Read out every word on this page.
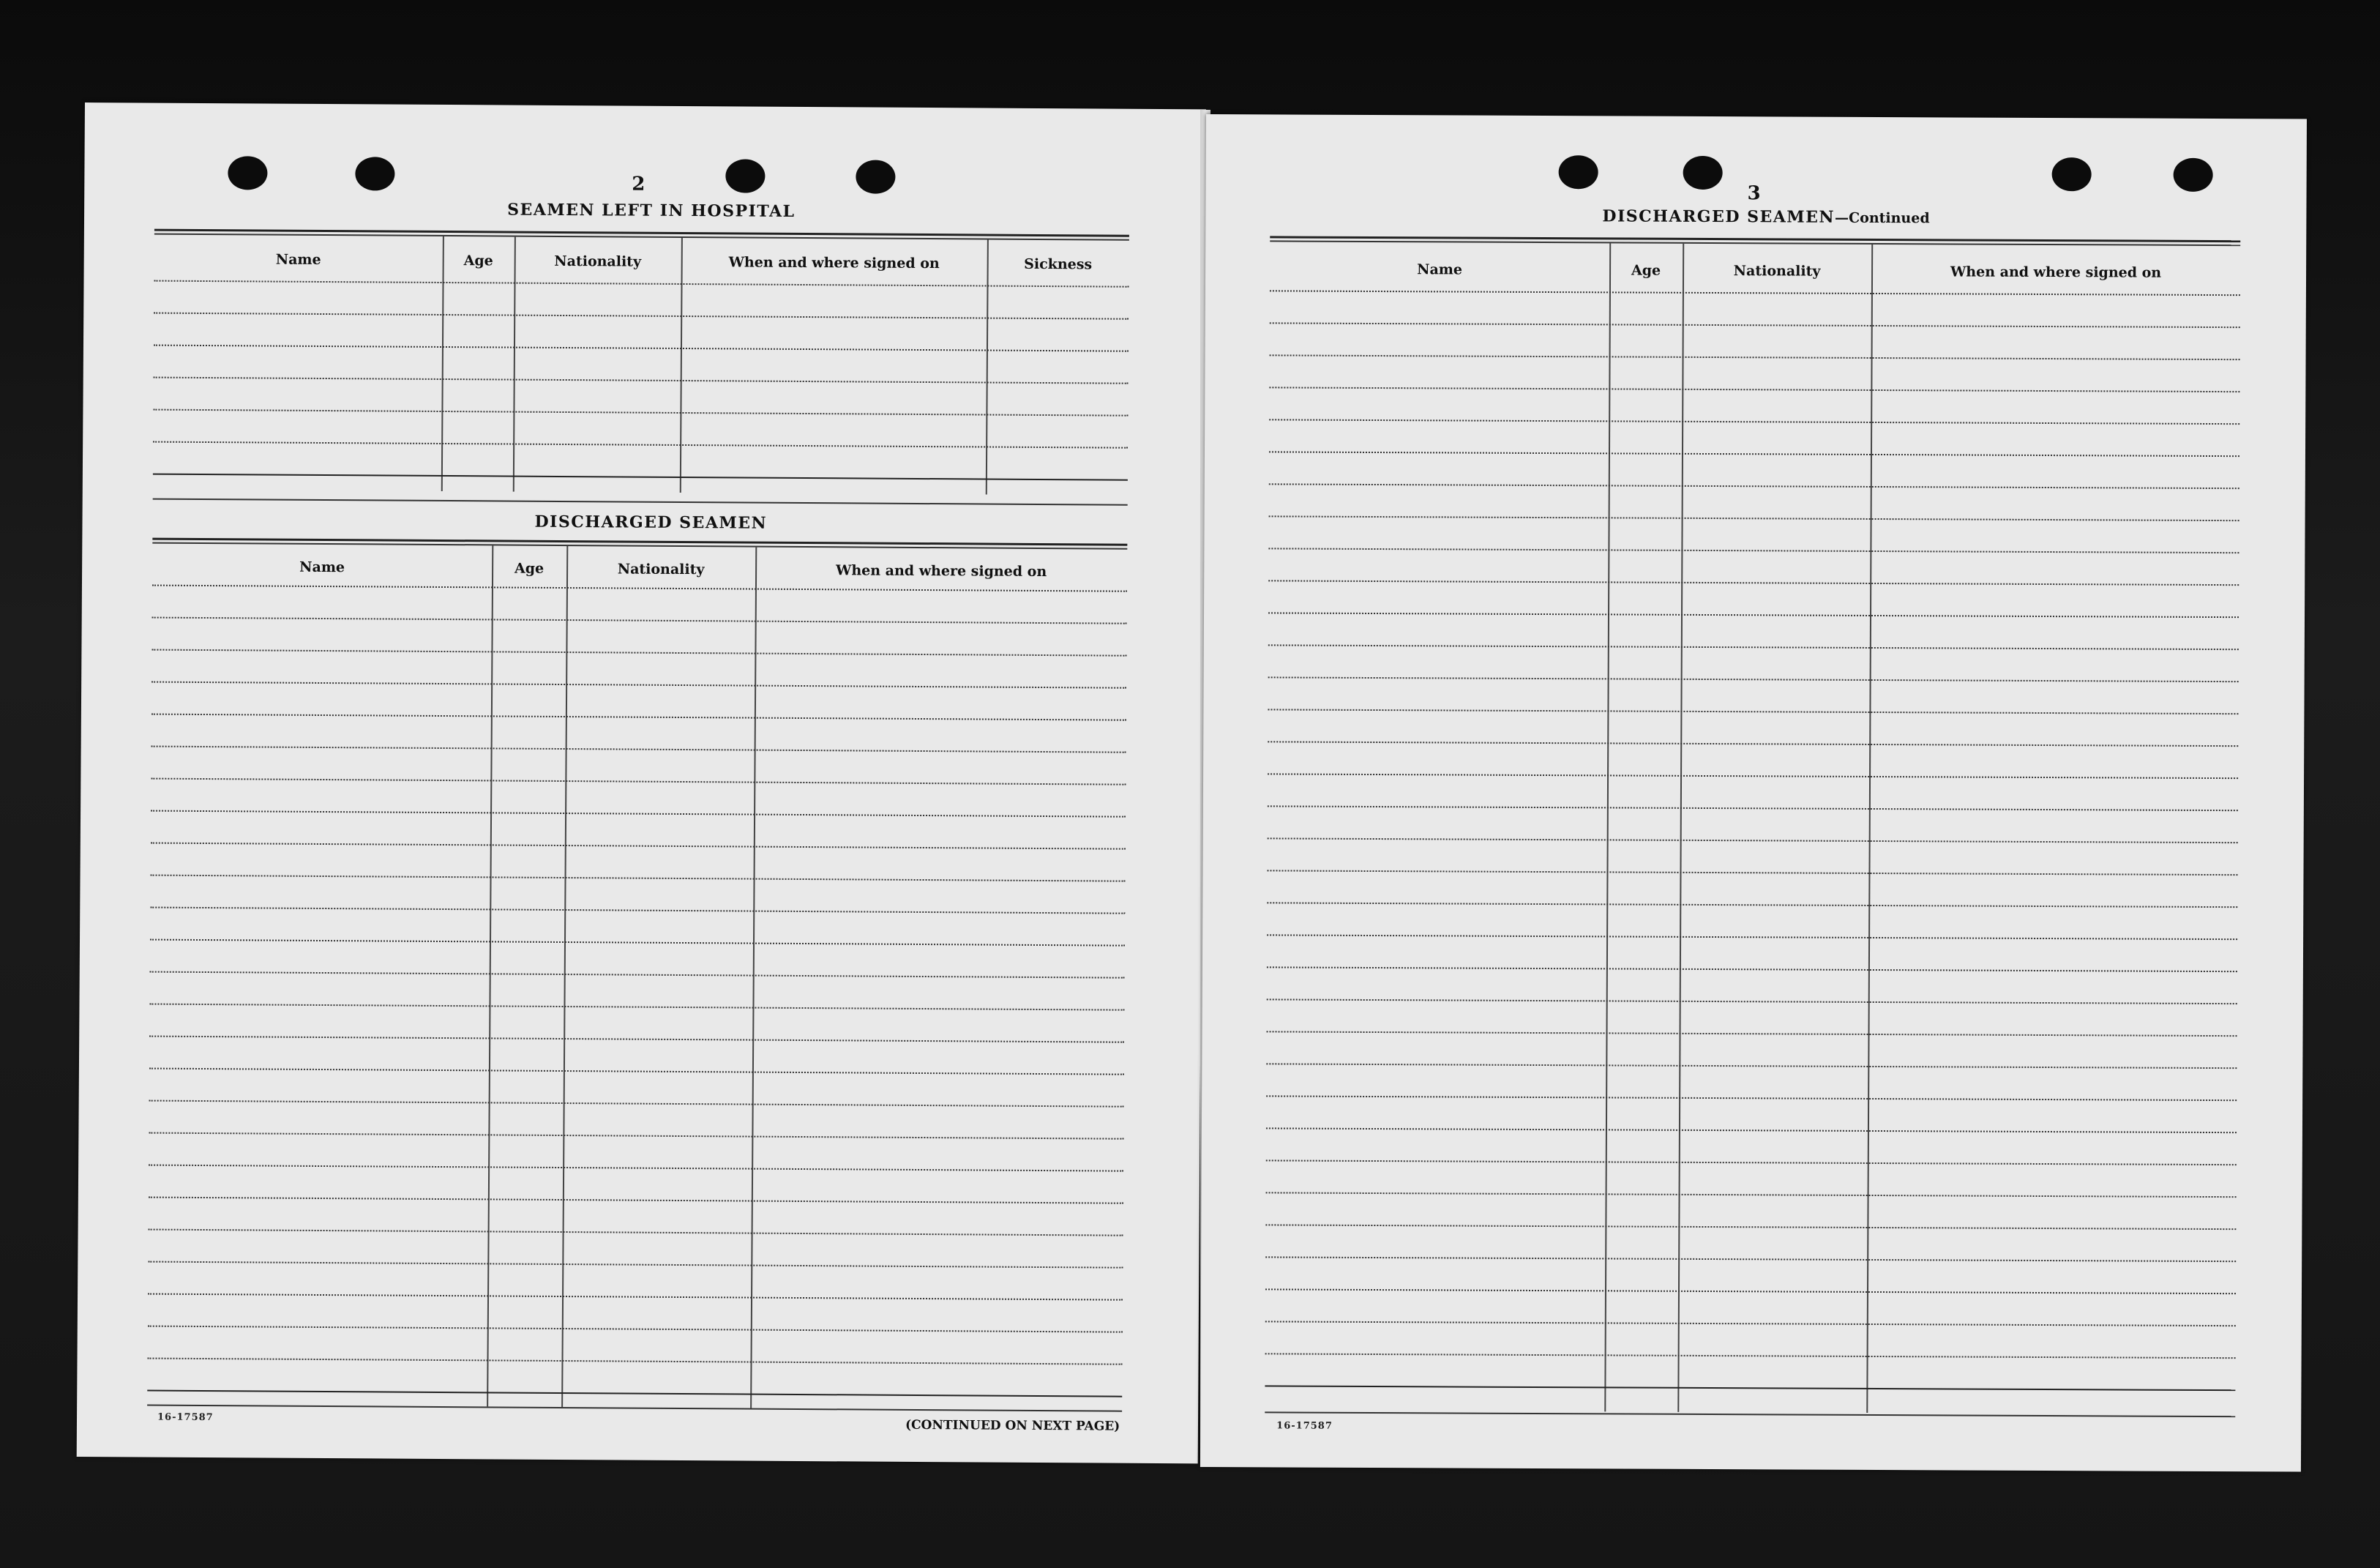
2
SEAMEN LEFT IN HOSPITAL
Name	Age	Nationality	When and where signed on	Sickness
DISCHARGED SEAMEN
Name	Age	Nationality	When and where signed on
16-17587
(CONTINUED ON NEXT PAGE)
3
DISCHARGED SEAMEN—Continued
Name	Age	Nationality	When and where signed on
16-17587
